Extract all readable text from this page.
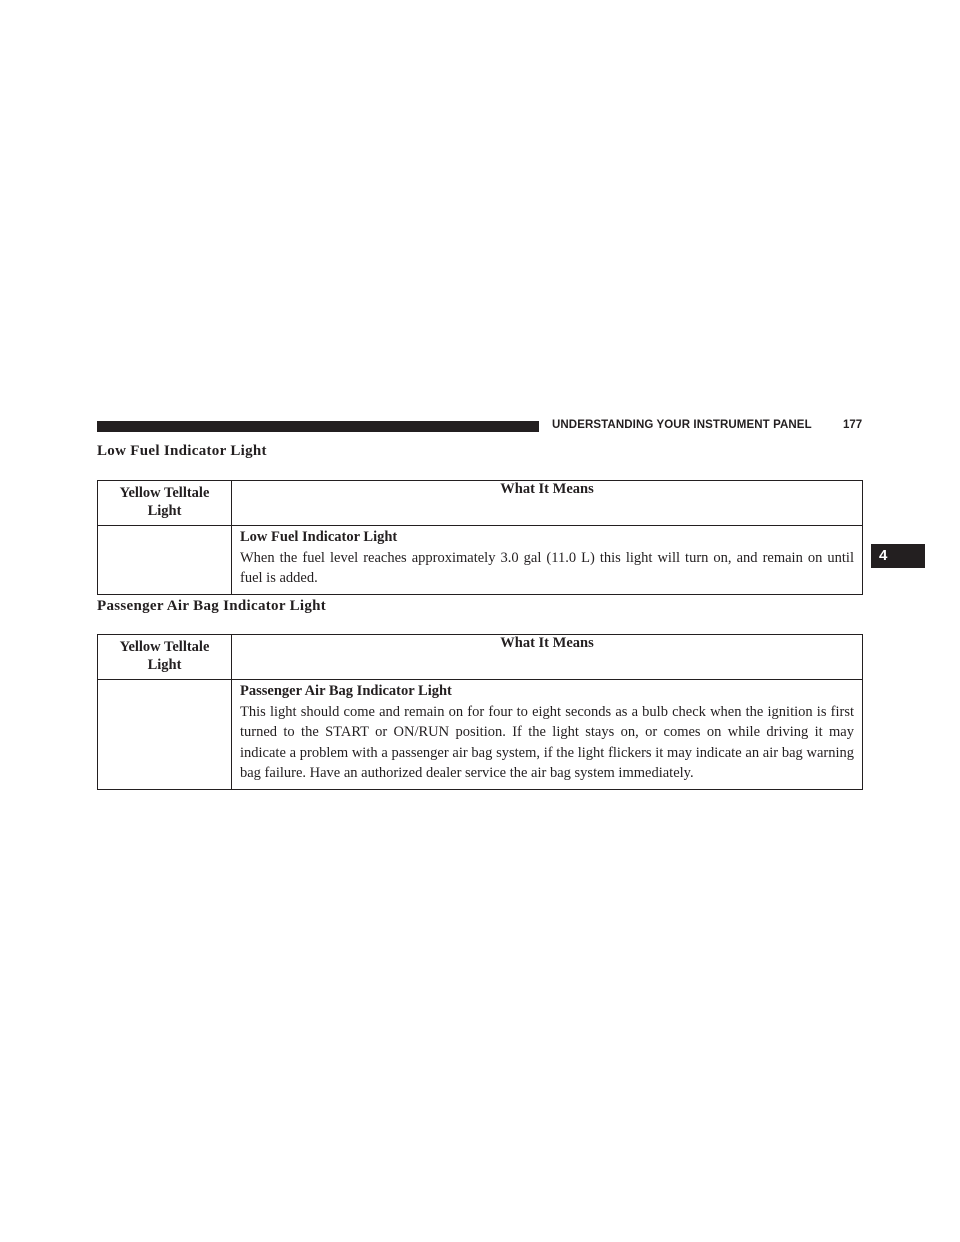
UNDERSTANDING YOUR INSTRUMENT PANEL	177
4
Low Fuel Indicator Light
Yellow Telltale Light	What It Means

	Low Fuel Indicator Light
When the fuel level reaches approximately 3.0 gal (11.0 L) this light will turn on, and remain on until fuel is added.
Passenger Air Bag Indicator Light
Yellow Telltale Light	What It Means

	Passenger Air Bag Indicator Light
This light should come and remain on for four to eight seconds as a bulb check when the ignition is first turned to the START or ON/RUN position. If the light stays on, or comes on while driving it may indicate a problem with a passenger air bag system, if the light flickers it may indicate an air bag warning bag failure. Have an authorized dealer service the air bag system immediately.
